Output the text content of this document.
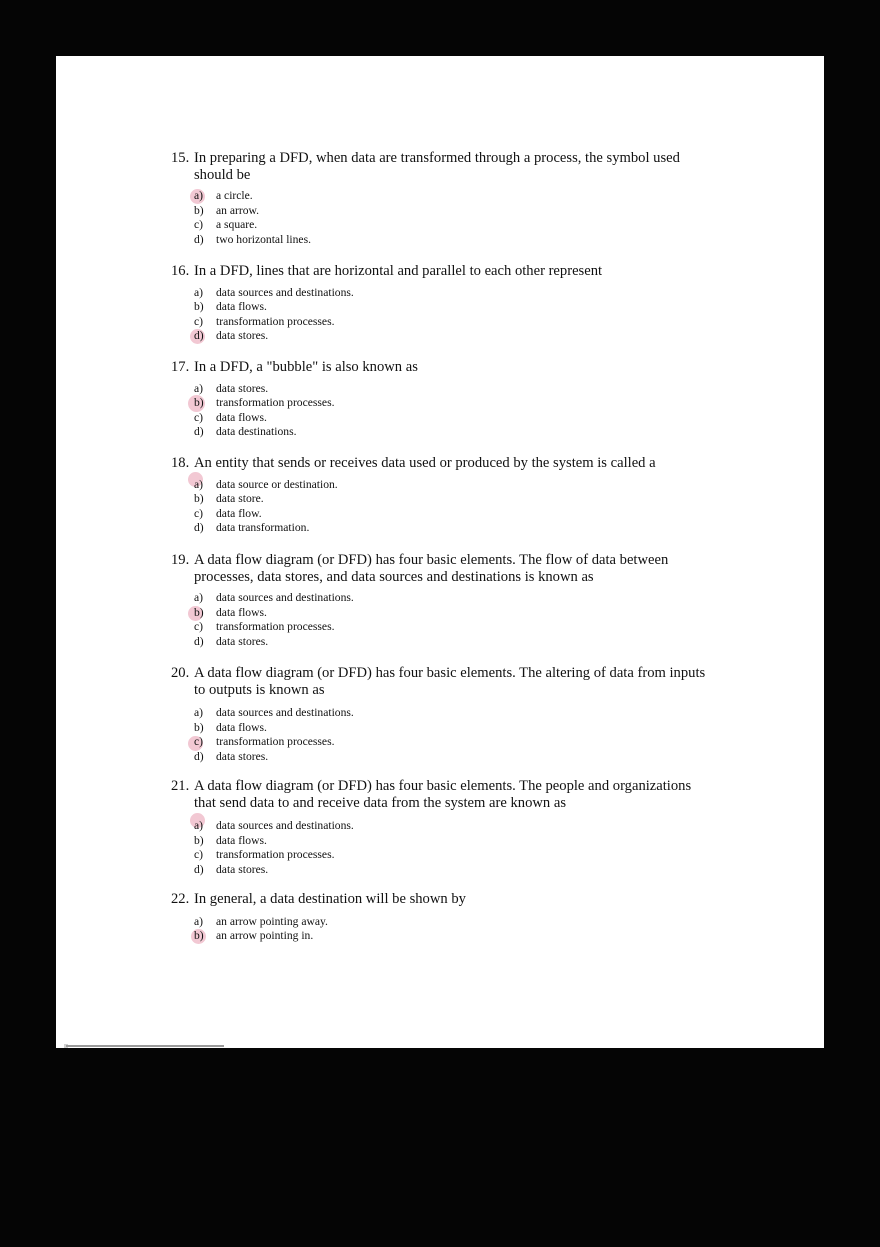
15. In preparing a DFD, when data are transformed through a process, the symbol used should be

a) a circle.
b) an arrow.
c) a square.
d) two horizontal lines.

16. In a DFD, lines that are horizontal and parallel to each other represent

a) data sources and destinations.
b) data flows.
c) transformation processes.
d) data stores.

17. In a DFD, a "bubble" is also known as

a) data stores.
b) transformation processes.
c) data flows.
d) data destinations.

18. An entity that sends or receives data used or produced by the system is called a

a) data source or destination.
b) data store.
c) data flow.
d) data transformation.

19. A data flow diagram (or DFD) has four basic elements. The flow of data between processes, data stores, and data sources and destinations is known as

a) data sources and destinations.
b) data flows.
c) transformation processes.
d) data stores.

20. A data flow diagram (or DFD) has four basic elements. The altering of data from inputs to outputs is known as

a) data sources and destinations.
b) data flows.
c) transformation processes.
d) data stores.

21. A data flow diagram (or DFD) has four basic elements. The people and organizations that send data to and receive data from the system are known as

a) data sources and destinations.
b) data flows.
c) transformation processes.
d) data stores.

22. In general, a data destination will be shown by

a) an arrow pointing away.
b) an arrow pointing in.
